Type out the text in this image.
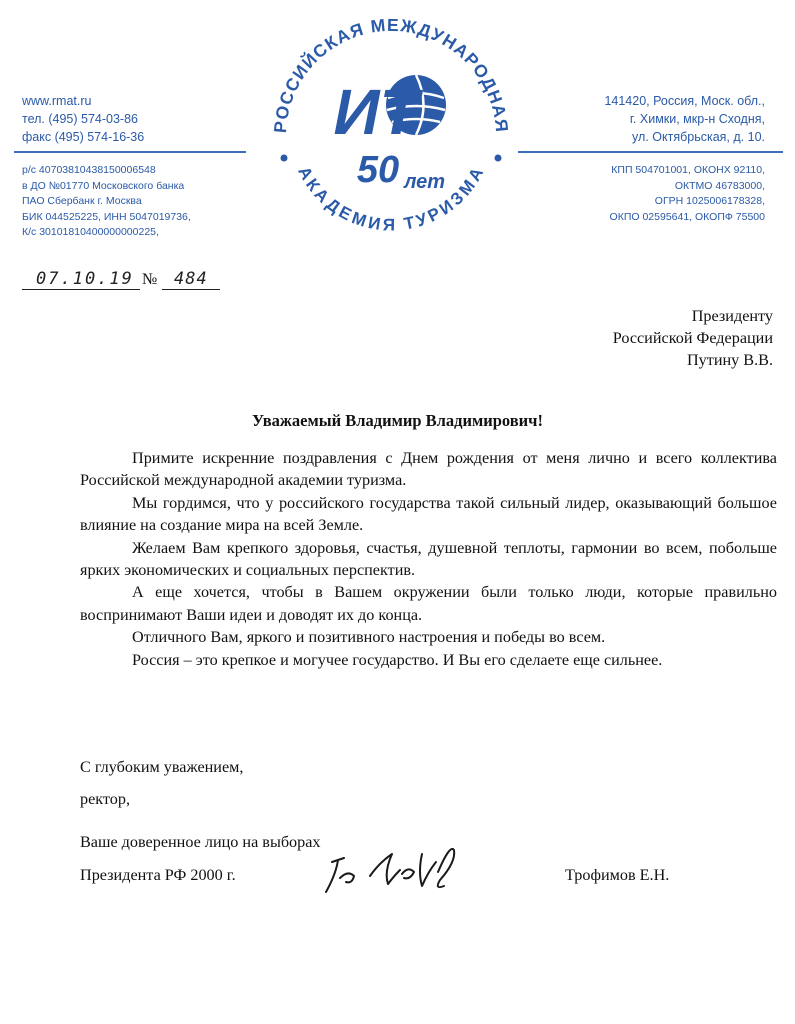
www.rmat.ru
тел. (495) 574-03-86
факс (495) 574-16-36
р/с 40703810438150006548
в ДО №01770 Московского банка
ПАО Сбербанк г. Москва
БИК 044525225, ИНН 5047019736,
К/с 30101810400000000225,
141420, Россия, Моск. обл.,
г. Химки, мкр-н Сходня,
ул. Октябрьская, д. 10.
КПП 504701001, ОКОНХ 92110,
ОКТМО 46783000,
ОГРН 1025006178328,
ОКПО 02595641, ОКОПФ 75500
РОССИЙСКАЯ МЕЖДУНАРОДНАЯ
АКАДЕМИЯ ТУРИЗМА
ИТ
50 лет
07.10.19 № 484
Президенту
Российской Федерации
Путину В.В.
Уважаемый Владимир Владимирович!

Примите искренние поздравления с Днем рождения от меня лично и всего коллектива Российской международной академии туризма.

Мы гордимся, что у российского государства такой сильный лидер, оказывающий большое влияние на создание мира на всей Земле.

Желаем Вам крепкого здоровья, счастья, душевной теплоты, гармонии во всем, побольше ярких экономических и социальных перспектив.

А еще хочется, чтобы в Вашем окружении были только люди, которые правильно воспринимают Ваши идеи и доводят их до конца.

Отличного Вам, яркого и позитивного настроения и победы во всем.

Россия – это крепкое и могучее государство. И Вы его сделаете еще сильнее.

С глубоким уважением,
ректор,
Ваше доверенное лицо на выборах
Президента РФ 2000 г.	Трофимов Е.Н.
